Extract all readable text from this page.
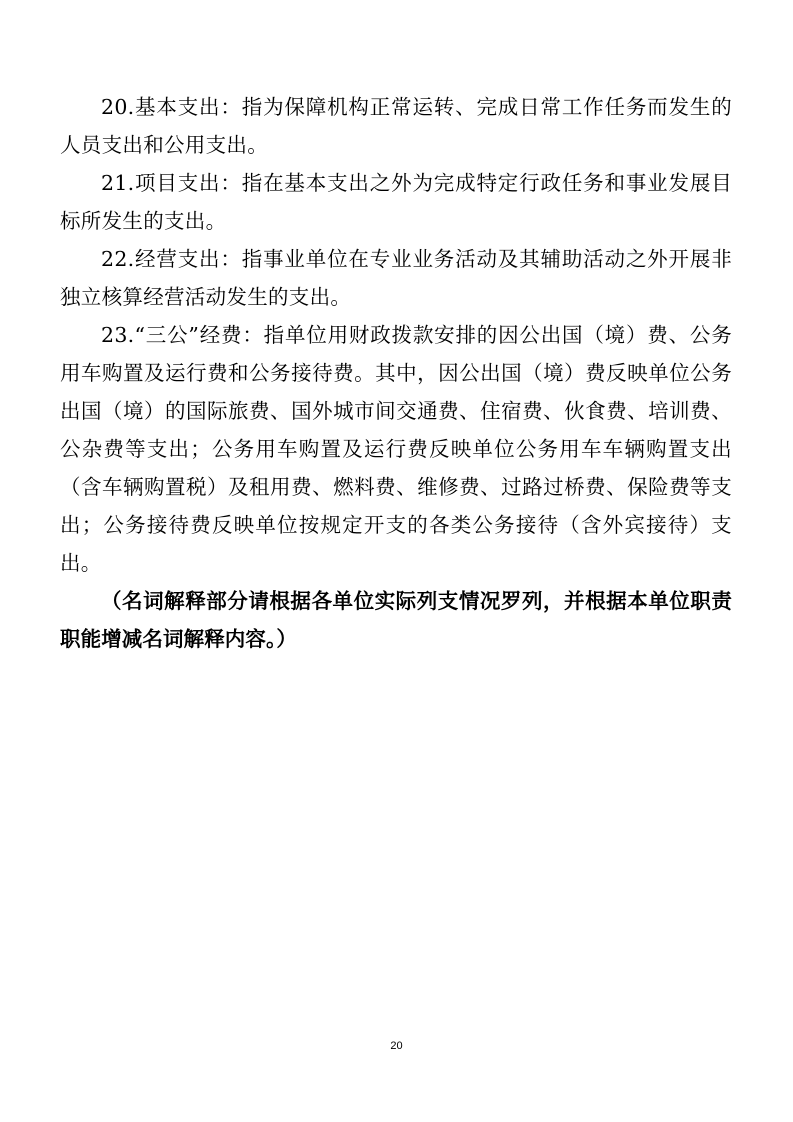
20.基本支出：指为保障机构正常运转、完成日常工作任务而发生的人员支出和公用支出。

21.项目支出：指在基本支出之外为完成特定行政任务和事业发展目标所发生的支出。

22.经营支出：指事业单位在专业业务活动及其辅助活动之外开展非独立核算经营活动发生的支出。

23.“三公”经费：指单位用财政拨款安排的因公出国（境）费、公务用车购置及运行费和公务接待费。其中，因公出国（境）费反映单位公务出国（境）的国际旅费、国外城市间交通费、住宿费、伙食费、培训费、公杂费等支出；公务用车购置及运行费反映单位公务用车车辆购置支出（含车辆购置税）及租用费、燃料费、维修费、过路过桥费、保险费等支出；公务接待费反映单位按规定开支的各类公务接待（含外宾接待）支出。

（名词解释部分请根据各单位实际列支情况罗列，并根据本单位职责职能增减名词解释内容。）

20
